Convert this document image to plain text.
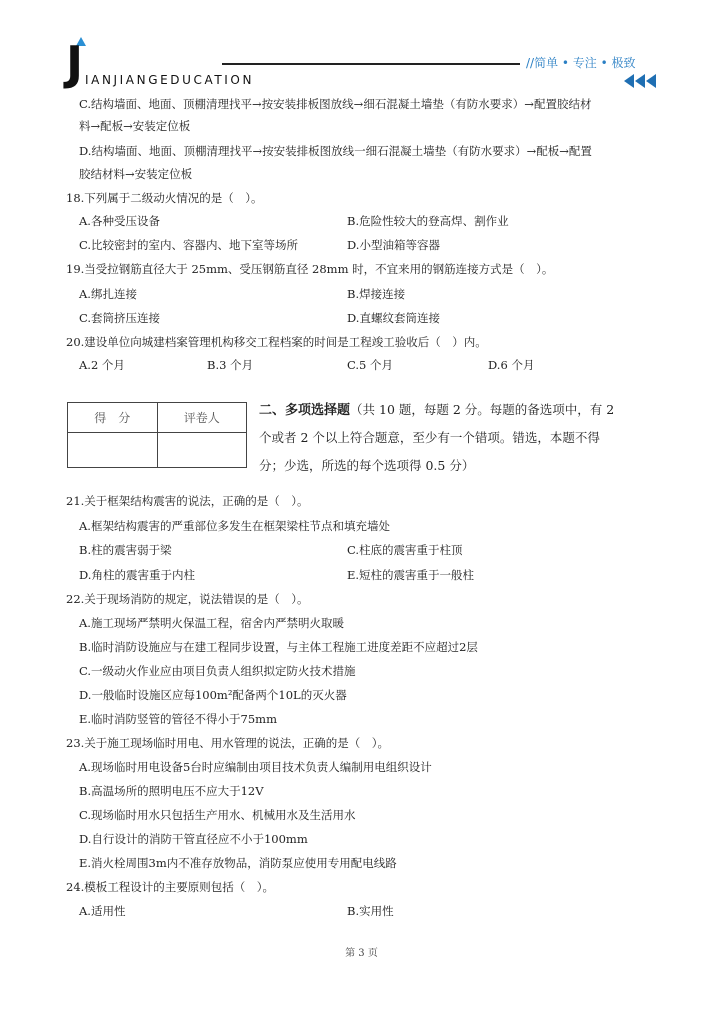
J IANJIANGEDUCATION
//简单 • 专注 • 极致
C.结构墙面、地面、顶棚清理找平→按安装排板图放线→细石混凝土墙垫（有防水要求）→配置胶结材
料→配板→安装定位板
D.结构墙面、地面、顶棚清理找平→按安装排板图放线一细石混凝土墙垫（有防水要求）→配板→配置
胶结材料→安装定位板
18.下列属于二级动火情况的是（　）。
A.各种受压设备	B.危险性较大的登高焊、割作业
C.比较密封的室内、容器内、地下室等场所	D.小型油箱等容器
19.当受拉钢筋直径大于 25mm、受压钢筋直径 28mm 时，不宜来用的钢筋连接方式是（　）。
A.绑扎连接	B.焊接连接
C.套筒挤压连接	D.直螺纹套筒连接
20.建设单位向城建档案管理机构移交工程档案的时间是工程竣工验收后（　）内。
A.2 个月	B.3 个月	C.5 个月	D.6 个月
得　分	评卷人
		二、多项选择题（共 10 题，每题 2 分。每题的备选项中，有 2
个或者 2 个以上符合题意，至少有一个错项。错选，本题不得
分；少选，所选的每个选项得 0.5 分）
21.关于框架结构震害的说法，正确的是（　）。
A.框架结构震害的严重部位多发生在框架梁柱节点和填充墙处
B.柱的震害弱于梁	C.柱底的震害重于柱顶
D.角柱的震害重于内柱	E.短柱的震害重于一般柱
22.关于现场消防的规定，说法错误的是（　）。
A.施工现场严禁明火保温工程，宿舍内严禁明火取暖
B.临时消防设施应与在建工程同步设置，与主体工程施工进度差距不应超过2层
C.一级动火作业应由项目负责人组织拟定防火技术措施
D.一般临时设施区应每100m²配备两个10L的灭火器
E.临时消防竖管的管径不得小于75mm
23.关于施工现场临时用电、用水管理的说法，正确的是（　）。
A.现场临时用电设备5台时应编制由项目技术负责人编制用电组织设计
B.高温场所的照明电压不应大于12V
C.现场临时用水只包括生产用水、机械用水及生活用水
D.自行设计的消防干管直径应不小于100mm
E.消火栓周围3m内不准存放物品，消防泵应使用专用配电线路
24.模板工程设计的主要原则包括（　）。
A.适用性	B.实用性
第 3 页
